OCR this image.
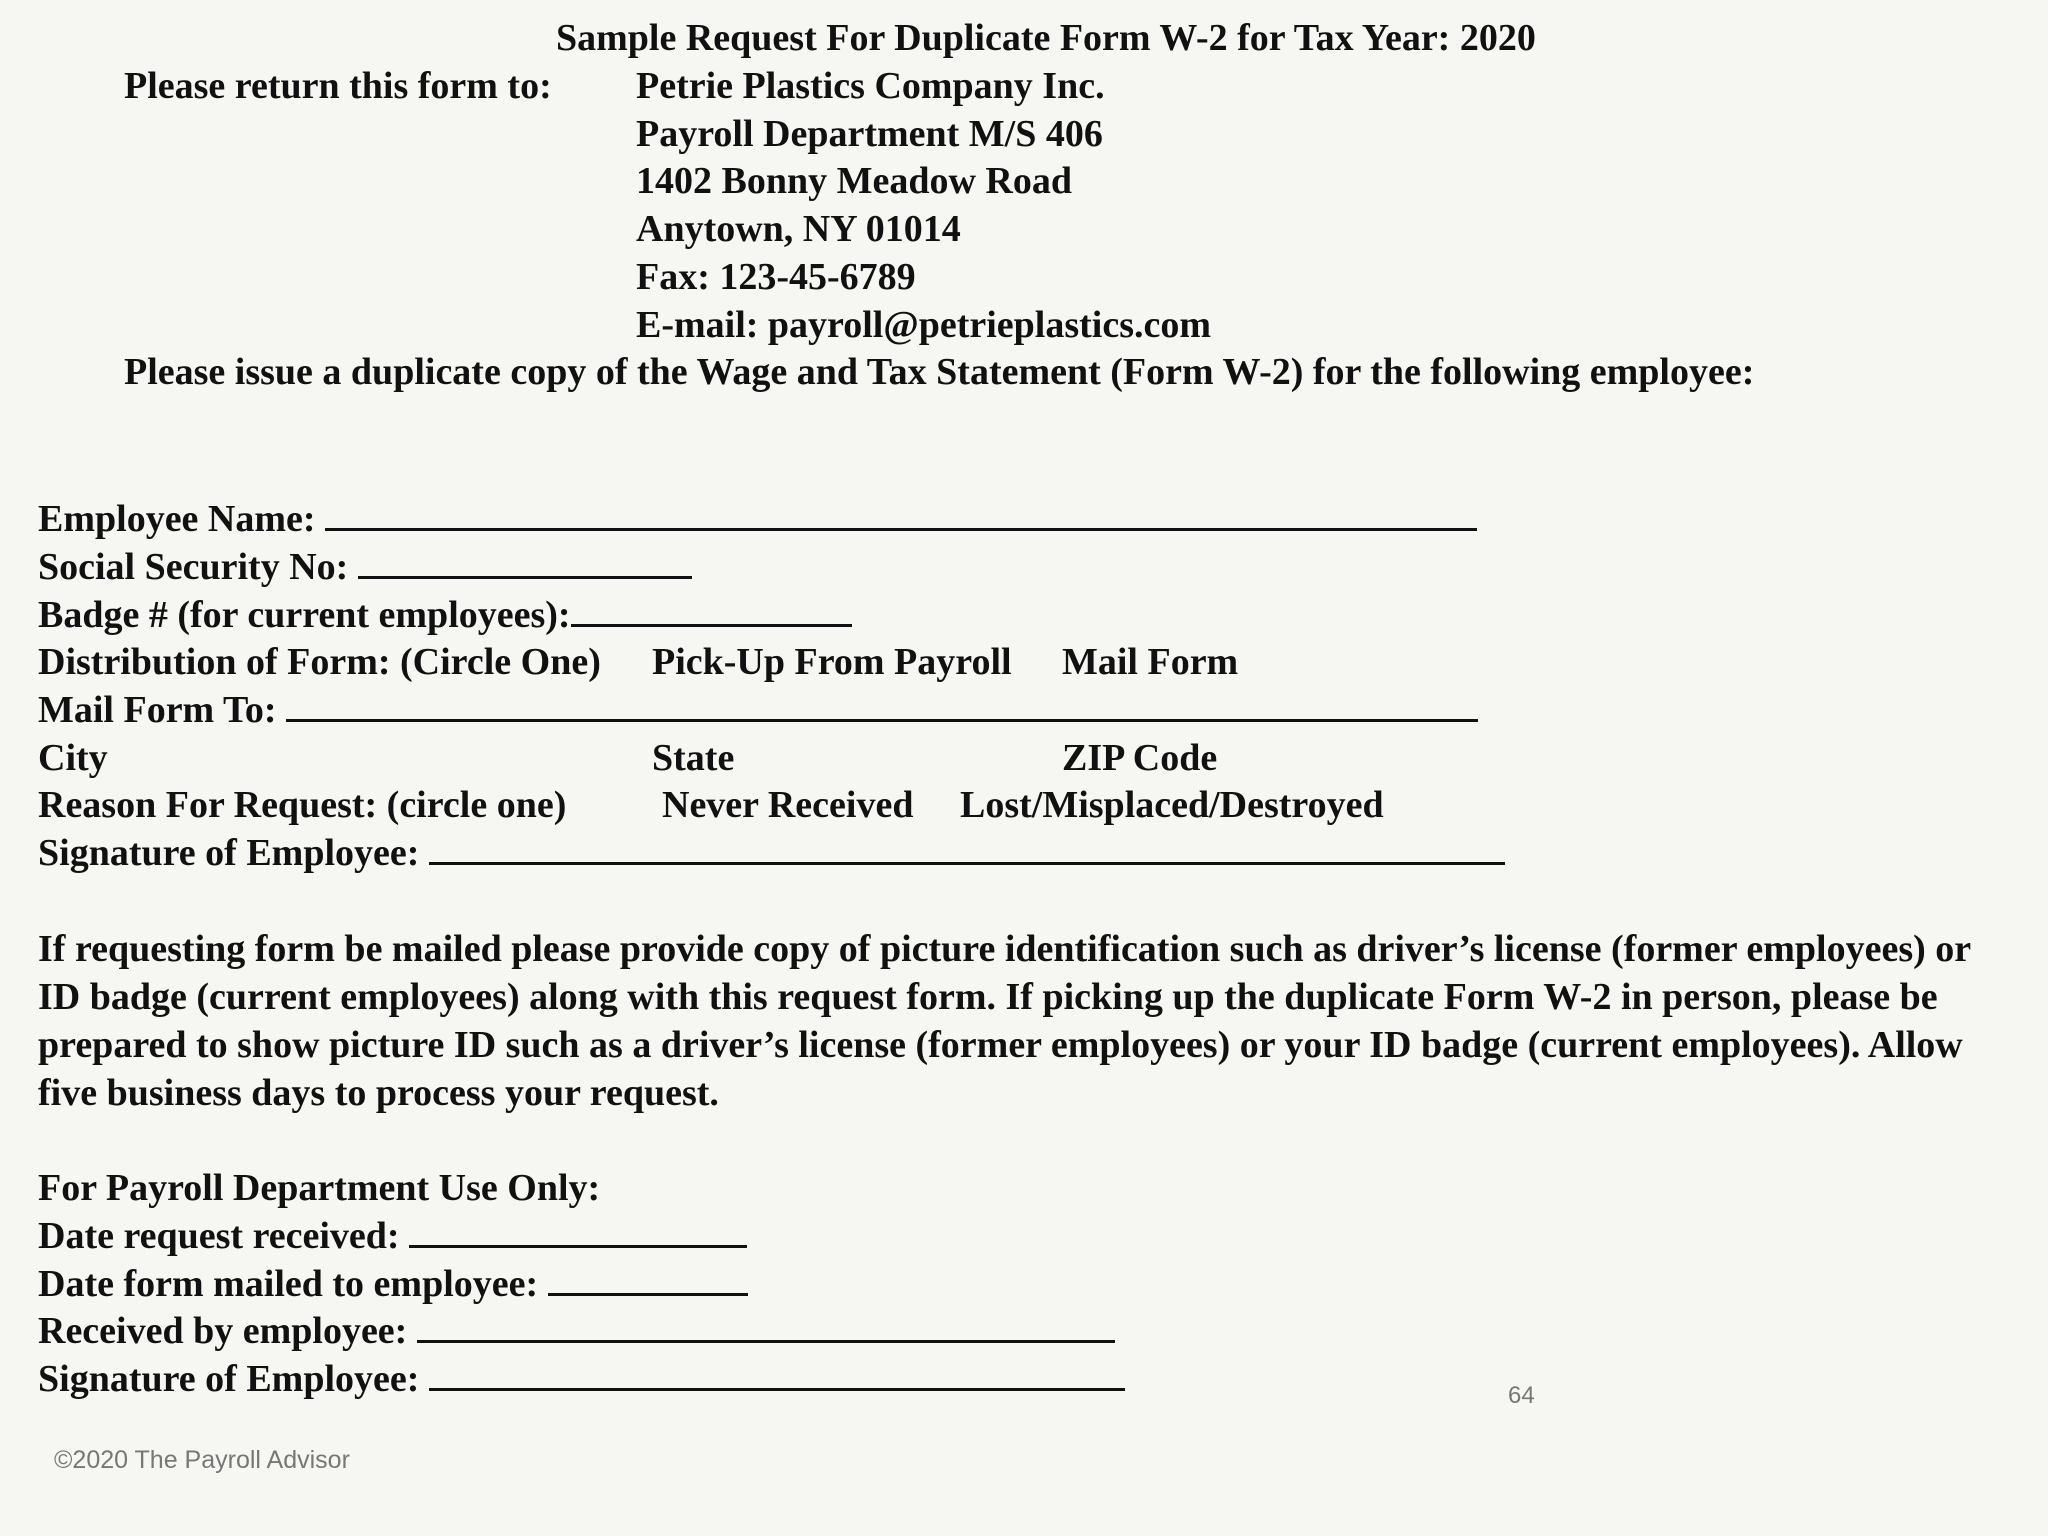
Sample Request For Duplicate Form W-2 for Tax Year: 2020
Please return this form to: Petrie Plastics Company Inc.
Payroll Department M/S 406
1402 Bonny Meadow Road
Anytown, NY 01014
Fax: 123-45-6789
E-mail: payroll@petrieplastics.com
Please issue a duplicate copy of the Wage and Tax Statement (Form W-2) for the following employee:
Employee Name:
Social Security No:
Badge # (for current employees):
Distribution of Form: (Circle One) Pick-Up From Payroll Mail Form
Mail Form To:
City	State	ZIP Code
Reason For Request: (circle one)	Never Received Lost/Misplaced/Destroyed
Signature of Employee:
If requesting form be mailed please provide copy of picture identification such as driver’s license (former employees) or ID badge (current employees) along with this request form. If picking up the duplicate Form W-2 in person, please be prepared to show picture ID such as a driver’s license (former employees) or your ID badge (current employees). Allow five business days to process your request.
For Payroll Department Use Only:
Date request received:
Date form mailed to employee:
Received by employee:
Signature of Employee:	64
©2020 The Payroll Advisor
